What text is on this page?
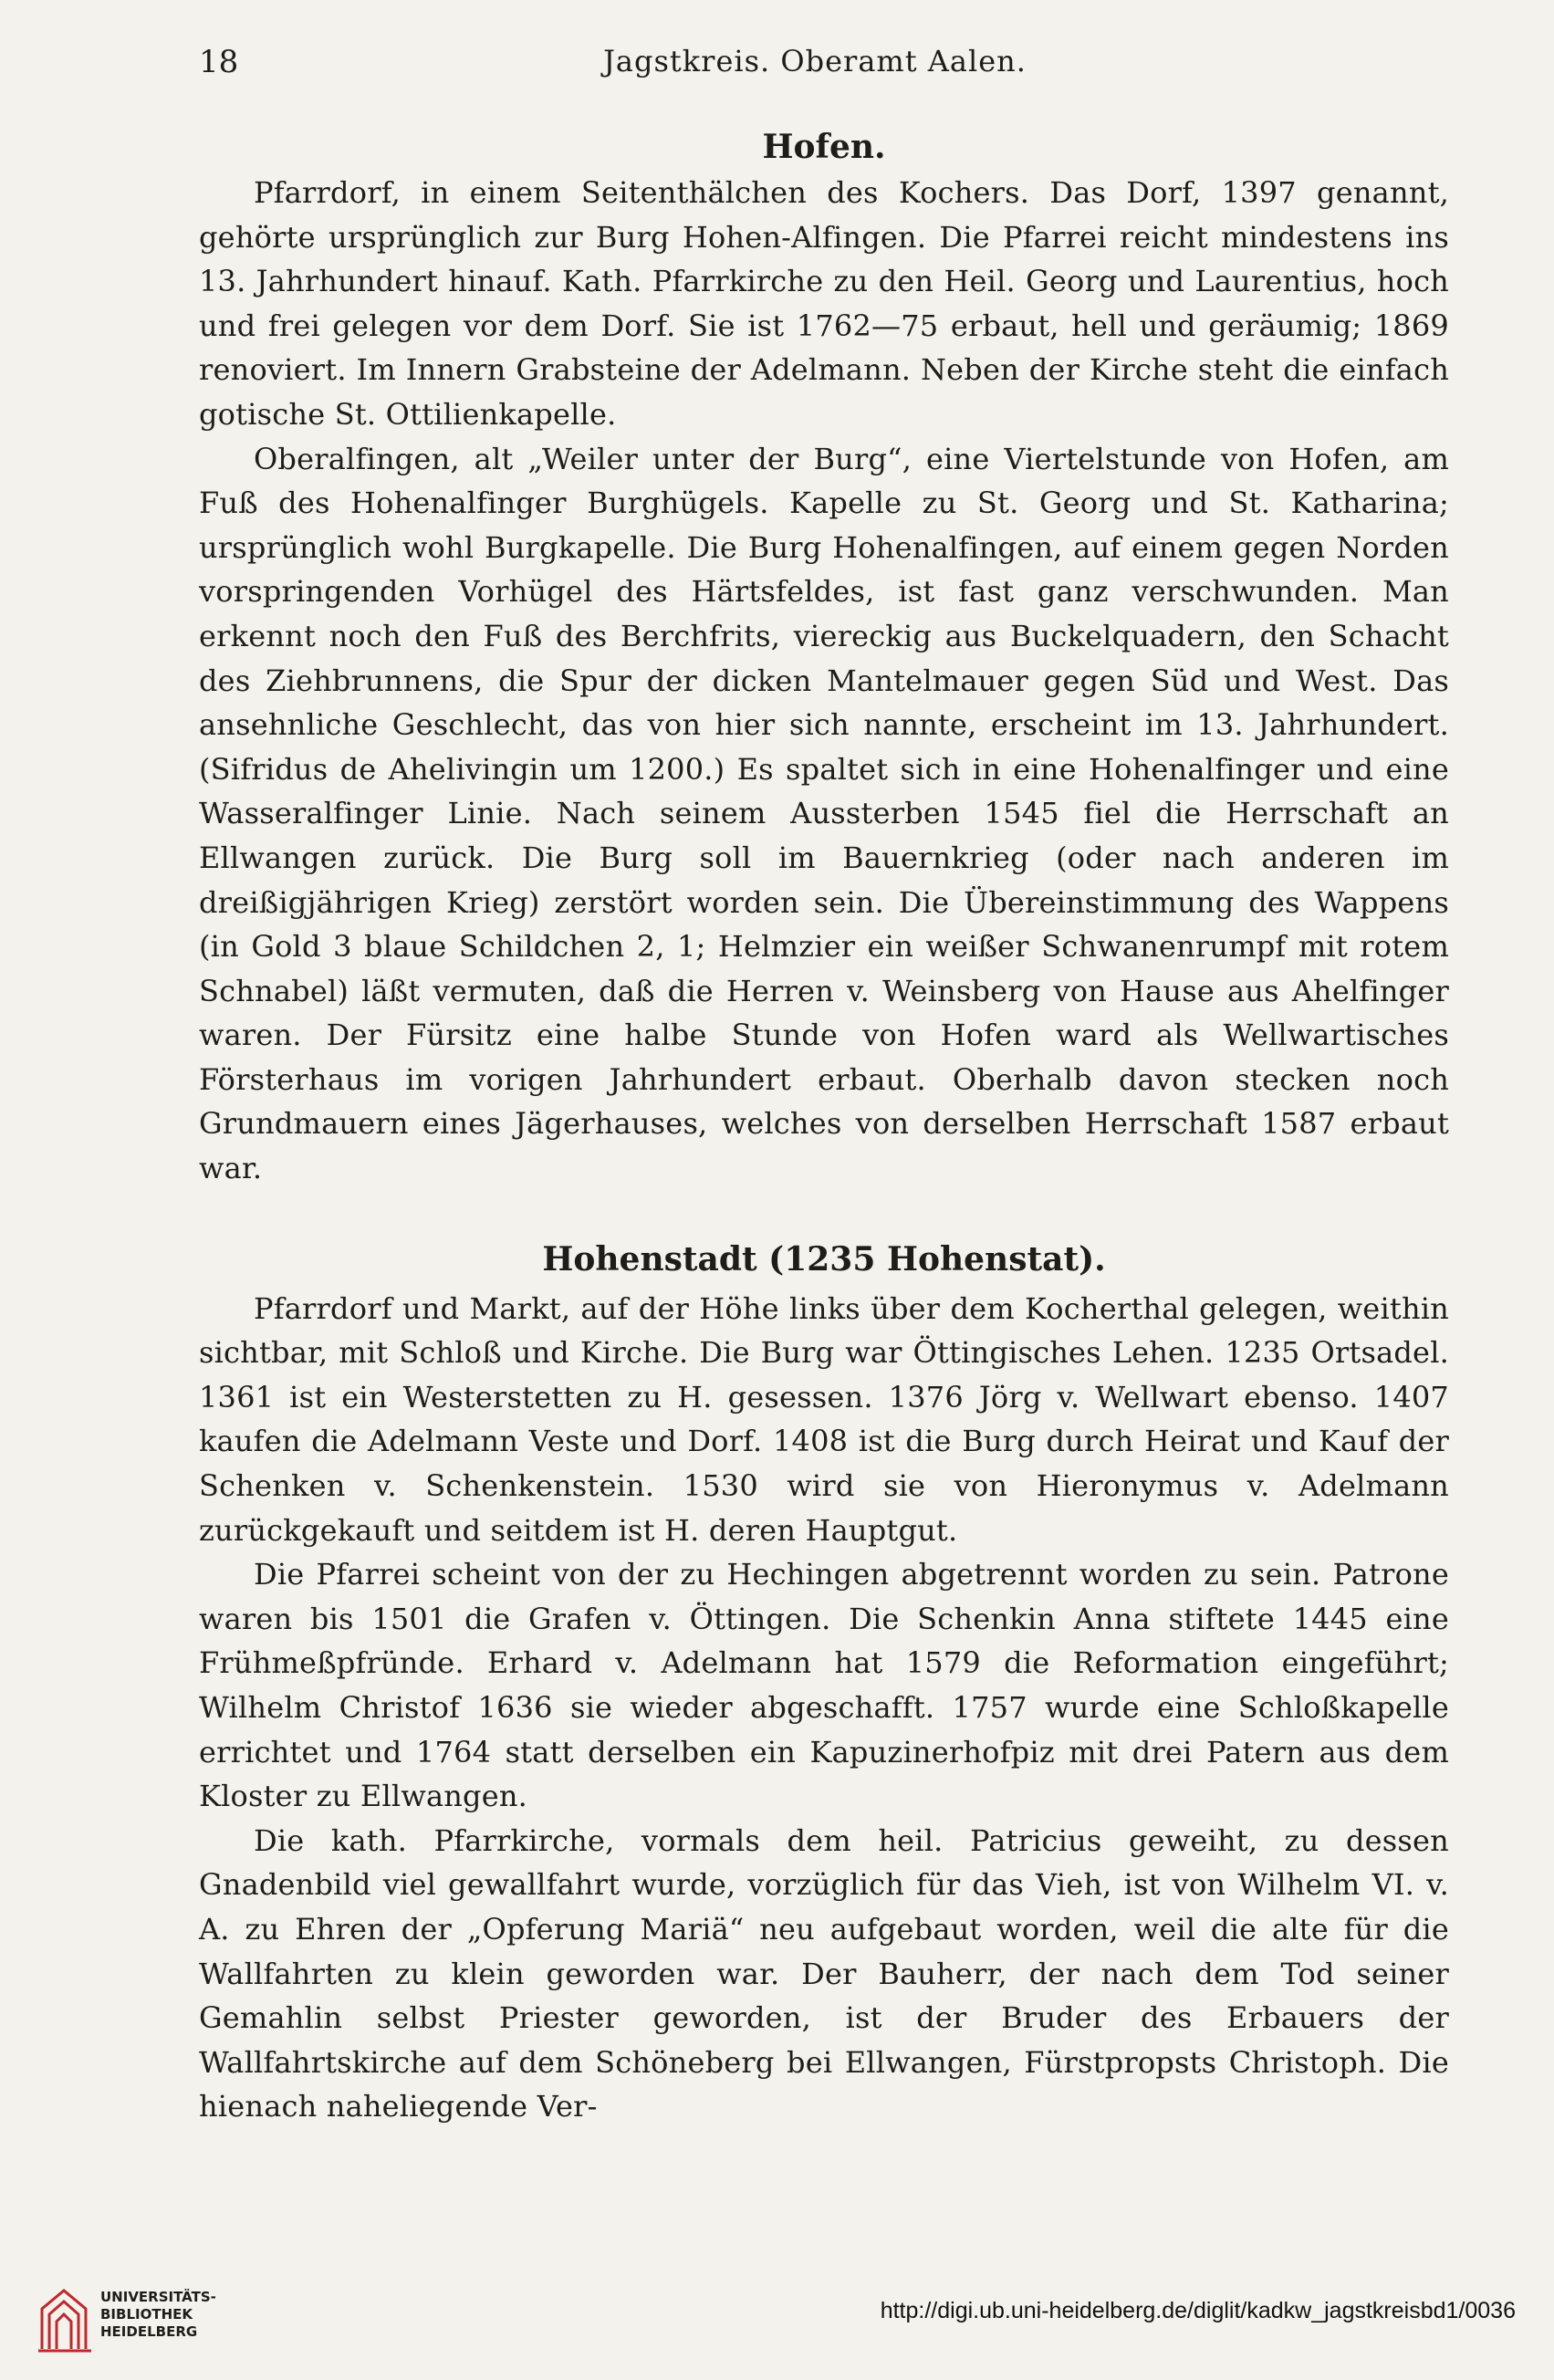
18	Jagstkreis. Oberamt Aalen.
Hofen.

Pfarrdorf, in einem Seitenthälchen des Kochers. Das Dorf, 1397 genannt, gehörte ursprünglich zur Burg Hohen-Alfingen. Die Pfarrei reicht mindestens ins 13. Jahrhundert hinauf. Kath. Pfarrkirche zu den Heil. Georg und Laurentius, hoch und frei gelegen vor dem Dorf. Sie ist 1762—75 erbaut, hell und geräumig; 1869 renoviert. Im Innern Grabsteine der Adelmann. Neben der Kirche steht die einfach gotische St. Ottilienkapelle.

Oberalfingen, alt „Weiler unter der Burg“, eine Viertelstunde von Hofen, am Fuß des Hohenalfinger Burghügels. Kapelle zu St. Georg und St. Katharina; ursprünglich wohl Burgkapelle. Die Burg Hohenalfingen, auf einem gegen Norden vorspringenden Vorhügel des Härtsfeldes, ist fast ganz verschwunden. Man erkennt noch den Fuß des Berchfrits, viereckig aus Buckelquadern, den Schacht des Ziehbrunnens, die Spur der dicken Mantelmauer gegen Süd und West. Das ansehnliche Geschlecht, das von hier sich nannte, erscheint im 13. Jahrhundert. (Sifridus de Ahelivingin um 1200.) Es spaltet sich in eine Hohenalfinger und eine Wasseralfinger Linie. Nach seinem Aussterben 1545 fiel die Herrschaft an Ellwangen zurück. Die Burg soll im Bauernkrieg (oder nach anderen im dreißigjährigen Krieg) zerstört worden sein. Die Übereinstimmung des Wappens (in Gold 3 blaue Schildchen 2, 1; Helmzier ein weißer Schwanenrumpf mit rotem Schnabel) läßt vermuten, daß die Herren v. Weinsberg von Hause aus Ahelfinger waren. Der Fürsitz eine halbe Stunde von Hofen ward als Wellwartisches Försterhaus im vorigen Jahrhundert erbaut. Oberhalb davon stecken noch Grundmauern eines Jägerhauses, welches von derselben Herrschaft 1587 erbaut war.

Hohenstadt (1235 Hohenstat).

Pfarrdorf und Markt, auf der Höhe links über dem Kocherthal gelegen, weithin sichtbar, mit Schloß und Kirche. Die Burg war Öttingisches Lehen. 1235 Ortsadel. 1361 ist ein Westerstetten zu H. gesessen. 1376 Jörg v. Wellwart ebenso. 1407 kaufen die Adelmann Veste und Dorf. 1408 ist die Burg durch Heirat und Kauf der Schenken v. Schenkenstein. 1530 wird sie von Hieronymus v. Adelmann zurückgekauft und seitdem ist H. deren Hauptgut.

Die Pfarrei scheint von der zu Hechingen abgetrennt worden zu sein. Patrone waren bis 1501 die Grafen v. Öttingen. Die Schenkin Anna stiftete 1445 eine Frühmeßpfründe. Erhard v. Adelmann hat 1579 die Reformation eingeführt; Wilhelm Christof 1636 sie wieder abgeschafft. 1757 wurde eine Schloßkapelle errichtet und 1764 statt derselben ein Kapuzinerhofpiz mit drei Patern aus dem Kloster zu Ellwangen.

Die kath. Pfarrkirche, vormals dem heil. Patricius geweiht, zu dessen Gnadenbild viel gewallfahrt wurde, vorzüglich für das Vieh, ist von Wilhelm VI. v. A. zu Ehren der „Opferung Mariä“ neu aufgebaut worden, weil die alte für die Wallfahrten zu klein geworden war. Der Bauherr, der nach dem Tod seiner Gemahlin selbst Priester geworden, ist der Bruder des Erbauers der Wallfahrtskirche auf dem Schöneberg bei Ellwangen, Fürstpropsts Christoph. Die hienach naheliegende Ver-

UNIVERSITÄTS-
BIBLIOTHEK
HEIDELBERG
http://digi.ub.uni-heidelberg.de/diglit/kadkw_jagstkreisbd1/0036
